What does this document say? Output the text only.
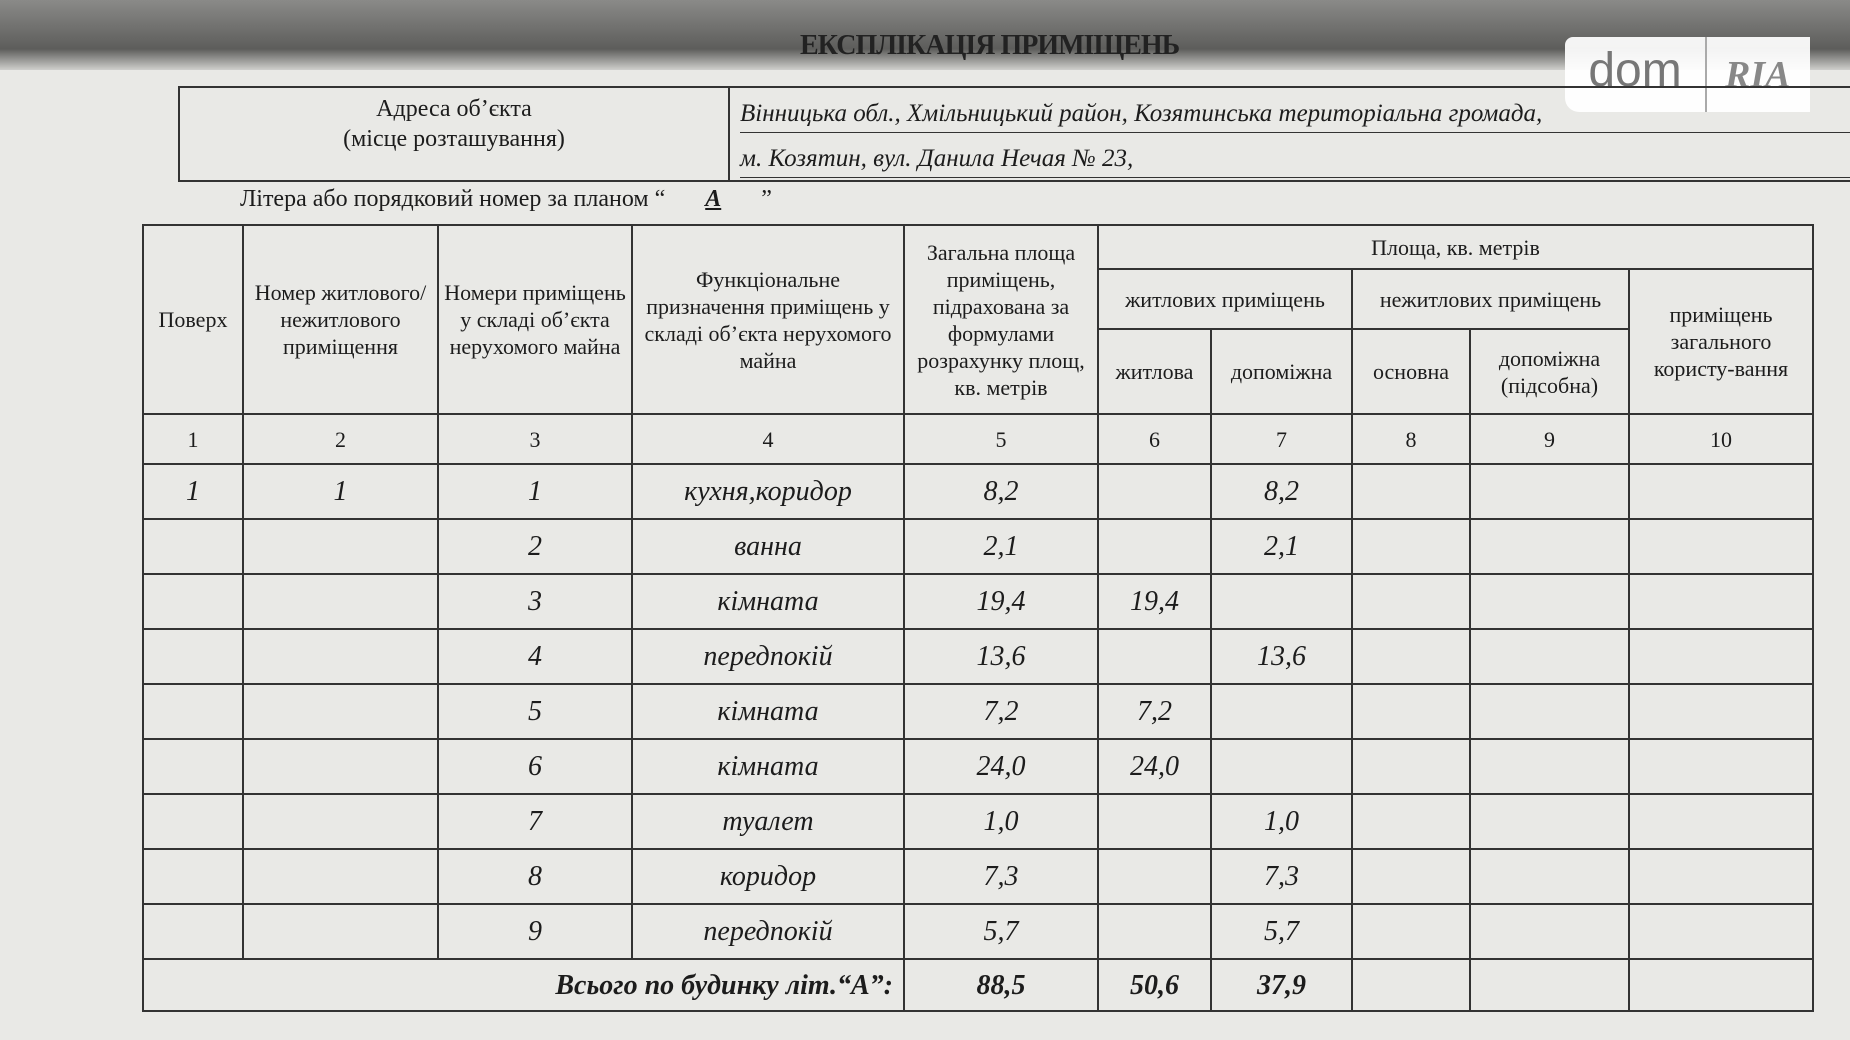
ЕКСПЛІКАЦІЯ ПРИМІЩЕНЬ	dom	RIA
Адреса об’єкта
(місце розташування)
Вінницька обл., Хмільницький район, Козятинська територіальна громада,
м. Козятин, вул. Данила Нечая № 23,
Літера або порядковий номер за планом “ А ”
Поверх	Номер житлового/ нежитлового приміщення	Номери приміщень у складі об’єкта нерухомого майна	Функціональне призначення приміщень у складі об’єкта нерухомого майна	Загальна площа приміщень, підрахована за формулами розрахунку площ, кв. метрів	Площа, кв. метрів				
					житлових приміщень		нежитлових приміщень		приміщень загального користу-вання
					житлова	допоміжна	основна	допоміжна (підсобна)	
1	2	3	4	5	6	7	8	9	10
1	1	1	кухня,коридор	8,2		8,2			
		2	ванна	2,1		2,1			
		3	кімната	19,4	19,4				
		4	передпокій	13,6		13,6			
		5	кімната	7,2	7,2				
		6	кімната	24,0	24,0				
		7	туалет	1,0		1,0			
		8	коридор	7,3		7,3			
		9	передпокій	5,7		5,7			
Всього по будинку літ.“А”:				88,5	50,6	37,9			
